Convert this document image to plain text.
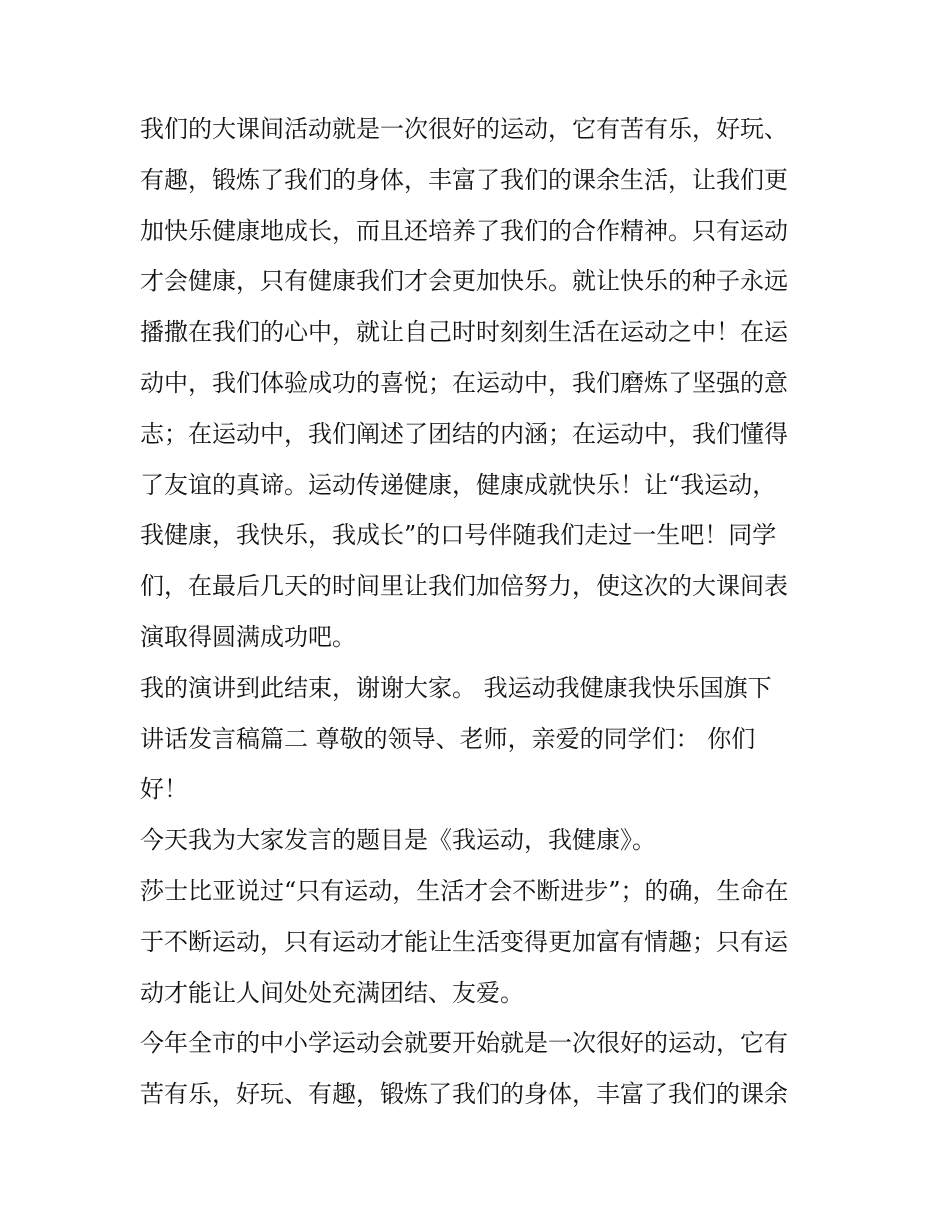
我们的大课间活动就是一次很好的运动，它有苦有乐，好玩、
有趣，锻炼了我们的身体，丰富了我们的课余生活，让我们更
加快乐健康地成长，而且还培养了我们的合作精神。只有运动
才会健康，只有健康我们才会更加快乐。就让快乐的种子永远
播撒在我们的心中，就让自己时时刻刻生活在运动之中！在运
动中，我们体验成功的喜悦；在运动中，我们磨炼了坚强的意
志；在运动中，我们阐述了团结的内涵；在运动中，我们懂得
了友谊的真谛。运动传递健康，健康成就快乐！让“我运动，
我健康，我快乐，我成长”的口号伴随我们走过一生吧！同学
们，在最后几天的时间里让我们加倍努力，使这次的大课间表
演取得圆满成功吧。
我的演讲到此结束，谢谢大家。 我运动我健康我快乐国旗下
讲话发言稿篇二 尊敬的领导、老师，亲爱的同学们： 你们
好！
今天我为大家发言的题目是《我运动，我健康》。
莎士比亚说过“只有运动，生活才会不断进步”；的确，生命在
于不断运动，只有运动才能让生活变得更加富有情趣；只有运
动才能让人间处处充满团结、友爱。
今年全市的中小学运动会就要开始就是一次很好的运动，它有
苦有乐，好玩、有趣，锻炼了我们的身体，丰富了我们的课余
